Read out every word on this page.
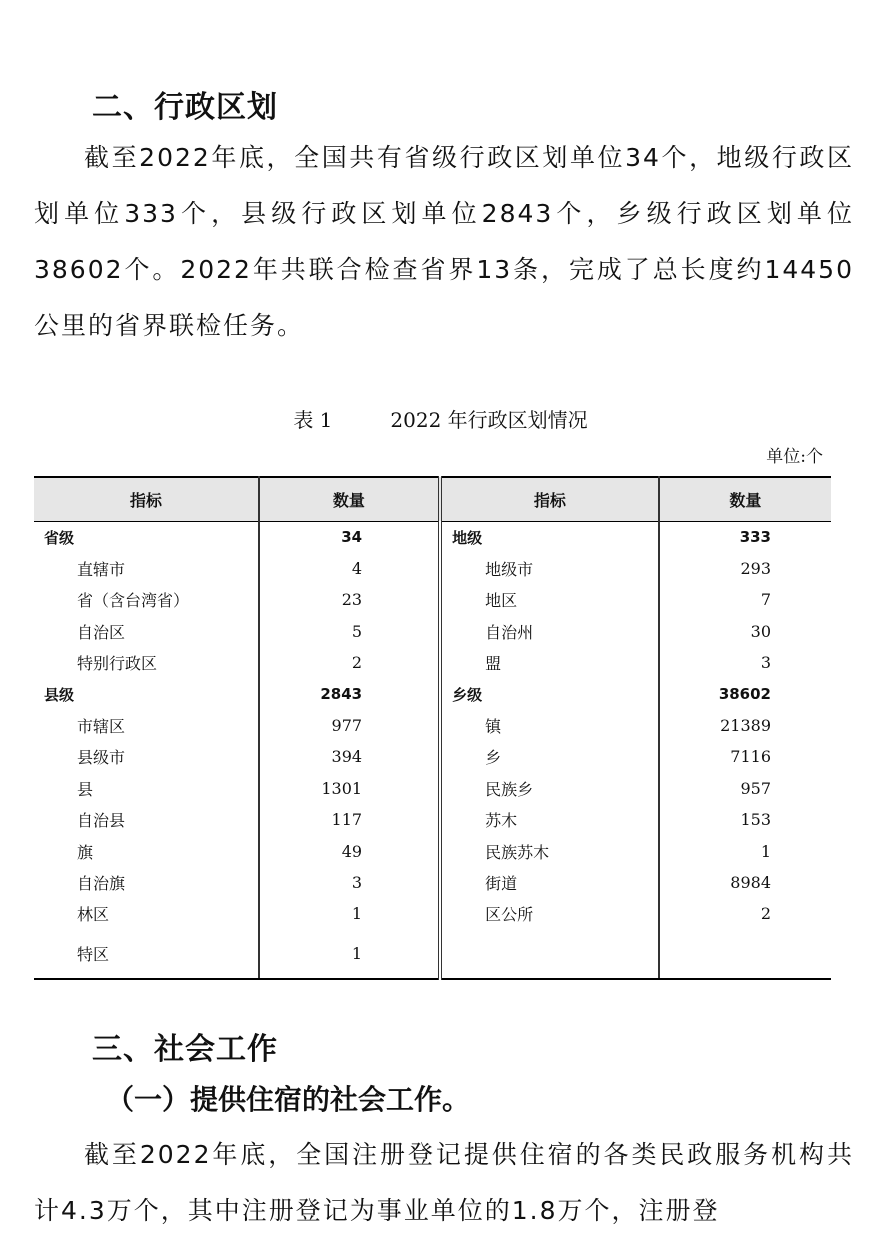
二、行政区划

截至2022年底，全国共有省级行政区划单位34个，地级行政区划单位333个，县级行政区划单位2843个，乡级行政区划单位38602个。2022年共联合检查省界13条，完成了总长度约14450公里的省界联检任务。

表 1	2022 年行政区划情况
单位:个
指标	数量	指标	数量
省级	34	地级	333
直辖市	4	地级市	293
省（含台湾省）	23	地区	7
自治区	5	自治州	30
特别行政区	2	盟	3
县级	2843	乡级	38602
市辖区	977	镇	21389
县级市	394	乡	7116
县	1301	民族乡	957
自治县	117	苏木	153
旗	49	民族苏木	1
自治旗	3	街道	8984
林区	1	区公所	2
特区	1		
三、社会工作
（一）提供住宿的社会工作。

截至2022年底，全国注册登记提供住宿的各类民政服务机构共计4.3万个，其中注册登记为事业单位的1.8万个，注册登
